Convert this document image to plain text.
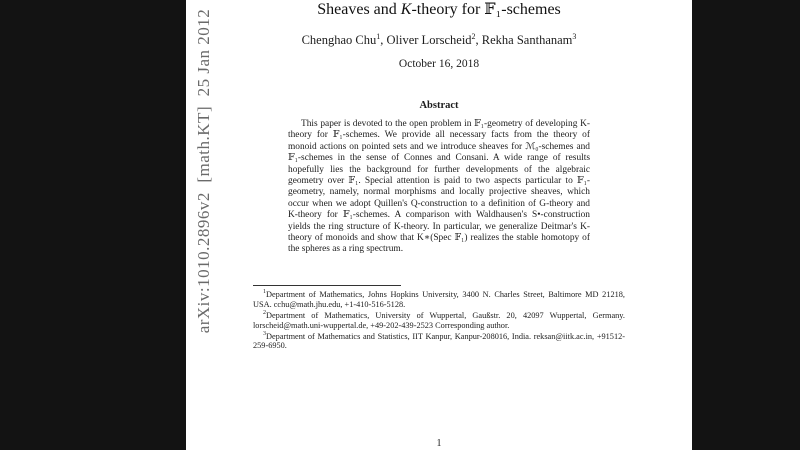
arXiv:1010.2896v2  [math.KT]  25 Jan 2012	Sheaves and K-theory for 𝔽₁-schemes
Chenghao Chu$^1$, Oliver Lorscheid$^2$, Rekha Santhanam$^3$
October 16, 2018
Abstract

This paper is devoted to the open problem in 𝔽₁-geometry of developing K-theory for 𝔽₁-schemes. We provide all necessary facts from the theory of monoid actions on pointed sets and we introduce sheaves for ℳ₀-schemes and 𝔽₁-schemes in the sense of Connes and Consani. A wide range of results hopefully lies the background for further developments of the algebraic geometry over 𝔽₁. Special attention is paid to two aspects particular to 𝔽₁-geometry, namely, normal morphisms and locally projective sheaves, which occur when we adopt Quillen's Q-construction to a definition of G-theory and K-theory for 𝔽₁-schemes. A comparison with Waldhausen's S•-construction yields the ring structure of K-theory. In particular, we generalize Deitmar's K-theory of monoids and show that K∗(Spec 𝔽₁) realizes the stable homotopy of the spheres as a ring spectrum.

$^1$Department of Mathematics, Johns Hopkins University, 3400 N. Charles Street, Baltimore MD 21218, USA. cchu@math.jhu.edu, +1-410-516-5128.

$^2$Department of Mathematics, University of Wuppertal, Gaußstr. 20, 42097 Wuppertal, Germany. lorscheid@math.uni-wuppertal.de, +49-202-439-2523 Corresponding author.

$^3$Department of Mathematics and Statistics, IIT Kanpur, Kanpur-208016, India. reksan@iitk.ac.in, +91512-259-6950.

1
